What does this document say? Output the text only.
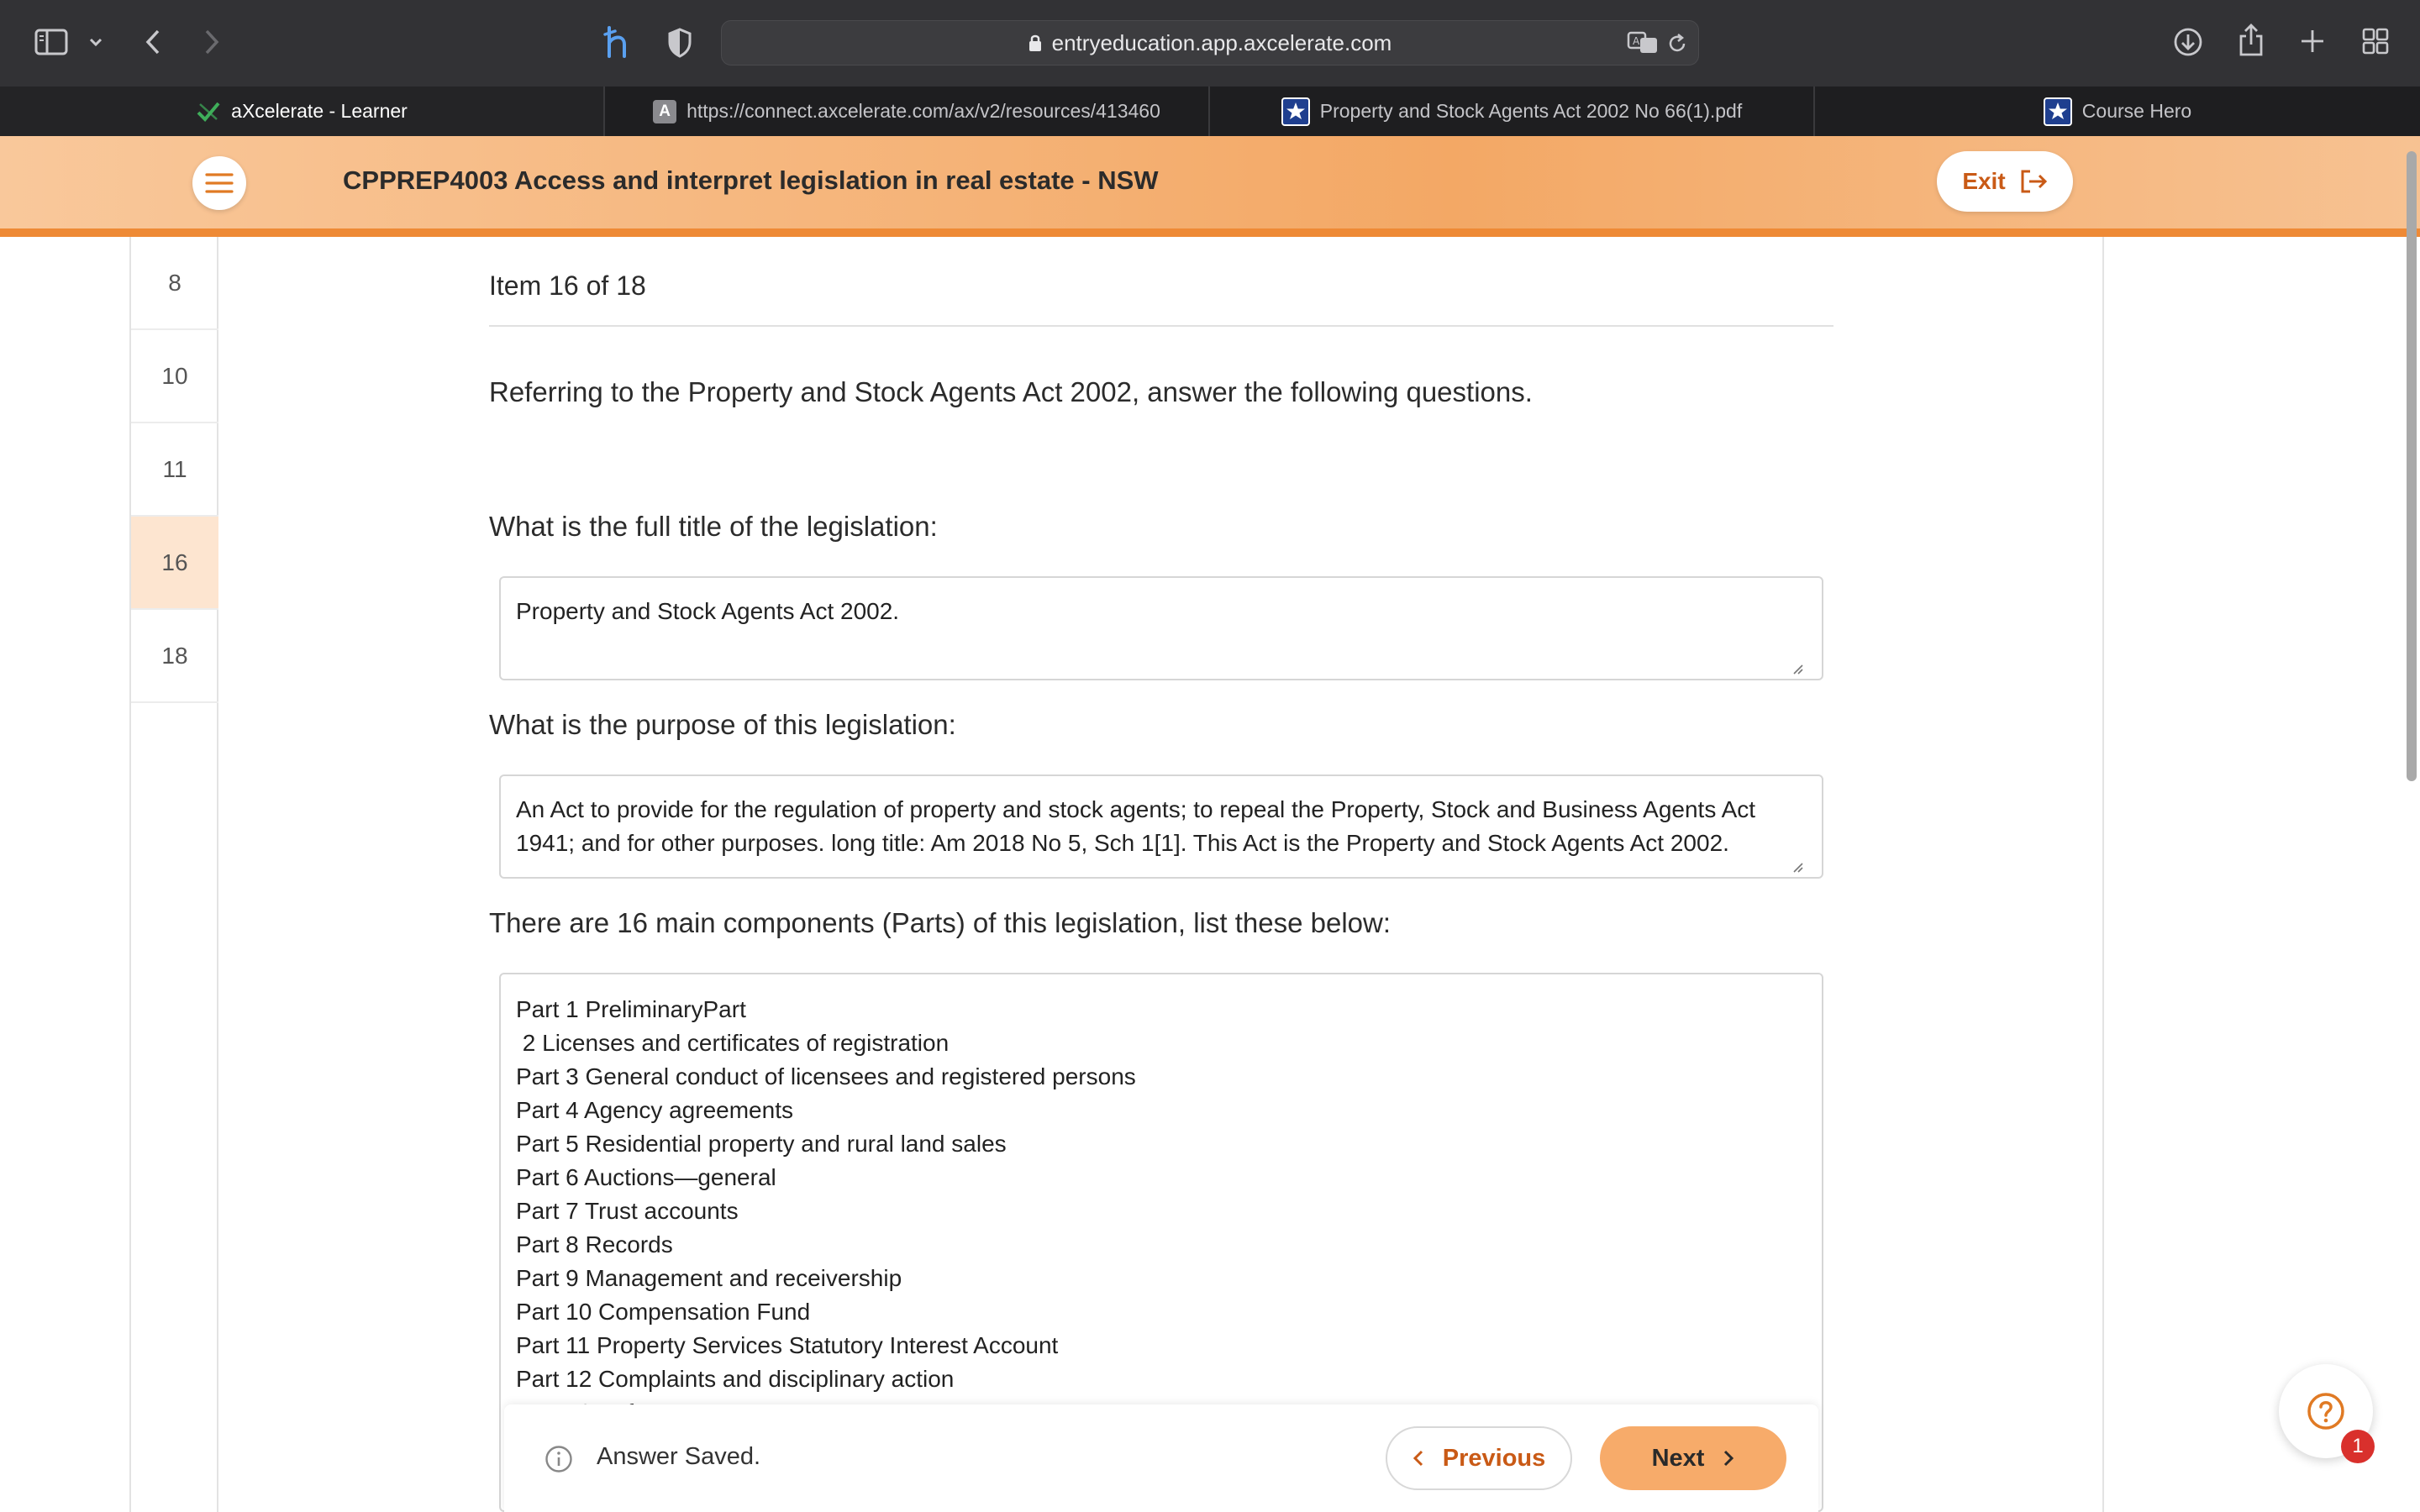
entryeducation.app.axcelerate.com	A
aXcelerate - Learner	A https://connect.axcelerate.com/ax/v2/resources/413460	Property and Stock Agents Act 2002 No 66(1).pdf	Course Hero
CPPREP4003 Access and interpret legislation in real estate - NSW	Exit
8
10
11
16
18
Item 16 of 18
Referring to the Property and Stock Agents Act 2002, answer the following questions.
What is the full title of the legislation:
Property and Stock Agents Act 2002.
What is the purpose of this legislation:
An Act to provide for the regulation of property and stock agents; to repeal the Property, Stock and Business Agents Act 1941; and for other purposes. long title: Am 2018 No 5, Sch 1[1]. This Act is the Property and Stock Agents Act 2002.
There are 16 main components (Parts) of this legislation, list these below:
Part 1 PreliminaryPart
2 Licenses and certificates of registration
Part 3 General conduct of licensees and registered persons
Part 4 Agency agreements
Part 5 Residential property and rural land sales
Part 6 Auctions—general
Part 7 Trust accounts
Part 8 Records
Part 9 Management and receivership
Part 10 Compensation Fund
Part 11 Property Services Statutory Interest Account
Part 12 Complaints and disciplinary action
Answer Saved.	Previous	Next	1
